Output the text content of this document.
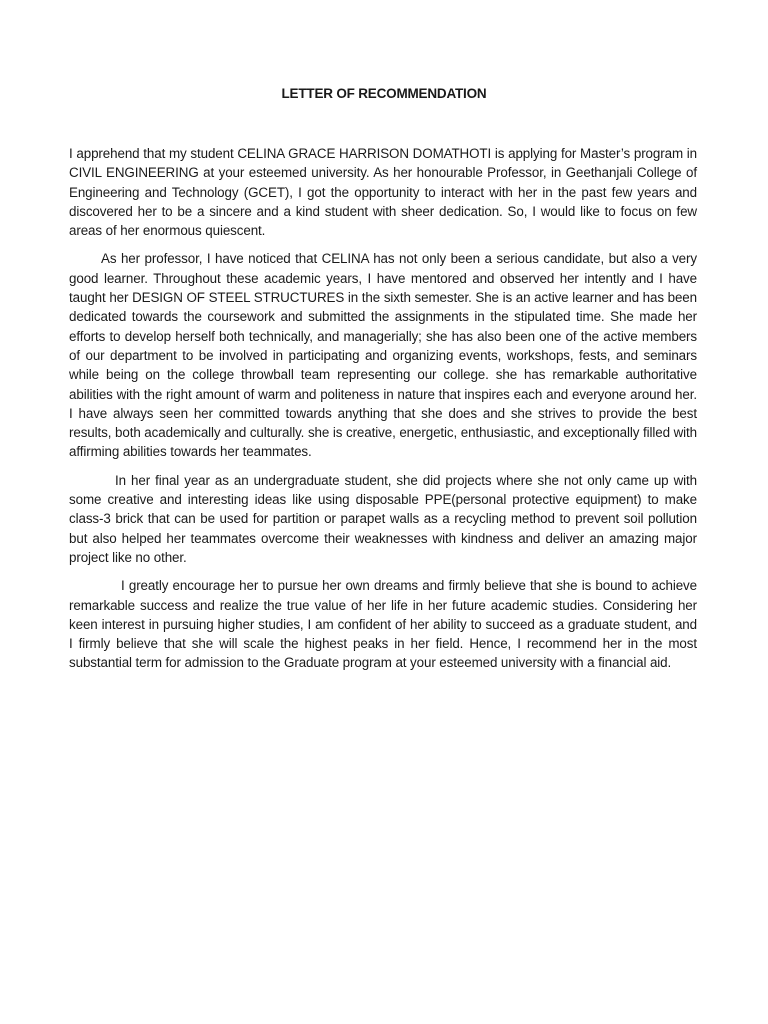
LETTER OF RECOMMENDATION

I apprehend that my student CELINA GRACE HARRISON DOMATHOTI is applying for Master’s program in CIVIL ENGINEERING at your esteemed university. As her honourable Professor, in Geethanjali College of Engineering and Technology (GCET), I got the opportunity to interact with her in the past few years and discovered her to be a sincere and a kind student with sheer dedication. So, I would like to focus on few areas of her enormous quiescent.

As her professor, I have noticed that CELINA has not only been a serious candidate, but also a very good learner. Throughout these academic years, I have mentored and observed her intently and I have taught her DESIGN OF STEEL STRUCTURES in the sixth semester. She is an active learner and has been dedicated towards the coursework and submitted the assignments in the stipulated time. She made her efforts to develop herself both technically, and managerially; she has also been one of the active members of our department to be involved in participating and organizing events, workshops, fests, and seminars while being on the college throwball team representing our college. she has remarkable authoritative abilities with the right amount of warm and politeness in nature that inspires each and everyone around her. I have always seen her committed towards anything that she does and she strives to provide the best results, both academically and culturally. she is creative, energetic, enthusiastic, and exceptionally filled with affirming abilities towards her teammates.

In her final year as an undergraduate student, she did projects where she not only came up with some creative and interesting ideas like using disposable PPE(personal protective equipment) to make class-3 brick that can be used for partition or parapet walls as a recycling method to prevent soil pollution but also helped her teammates overcome their weaknesses with kindness and deliver an amazing major project like no other.

I greatly encourage her to pursue her own dreams and firmly believe that she is bound to achieve remarkable success and realize the true value of her life in her future academic studies. Considering her keen interest in pursuing higher studies, I am confident of her ability to succeed as a graduate student, and I firmly believe that she will scale the highest peaks in her field. Hence, I recommend her in the most substantial term for admission to the Graduate program at your esteemed university with a financial aid.
